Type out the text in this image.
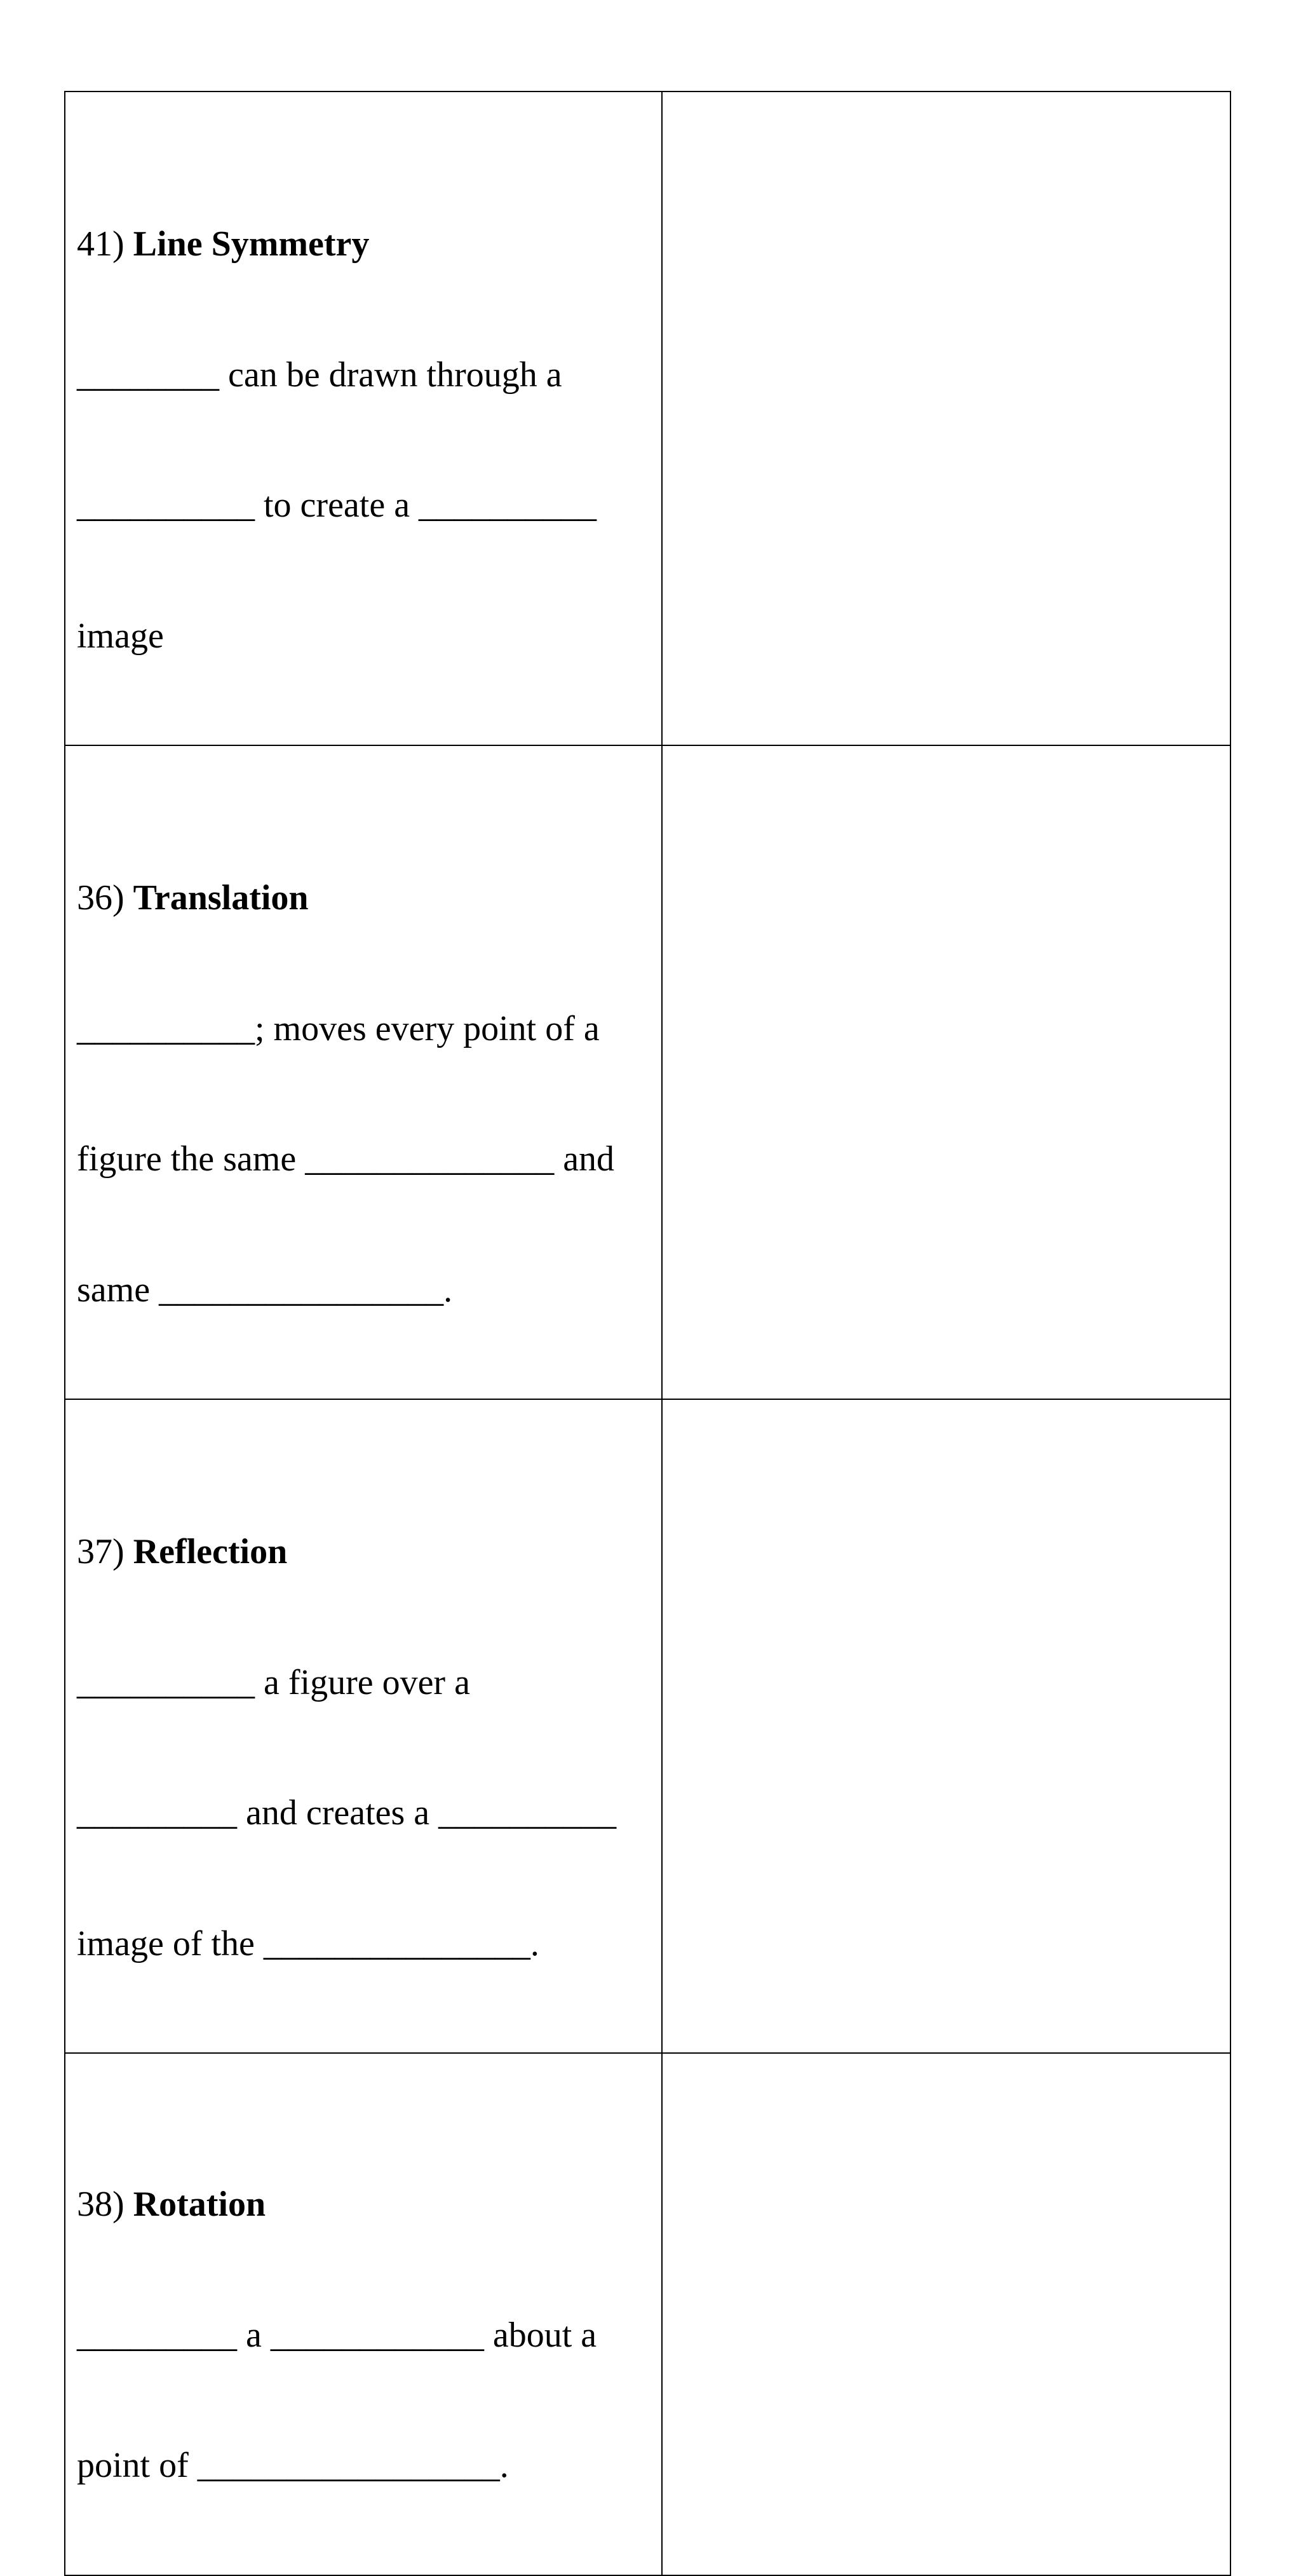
41) Line Symmetry

________ can be drawn through a

__________ to create a __________

image	

36) Translation

__________; moves every point of a

figure the same ______________ and

same ________________.	

37) Reflection

__________ a figure over a

_________ and creates a __________

image of the _______________.	

38) Rotation

_________ a ____________ about a

point of _________________.	
